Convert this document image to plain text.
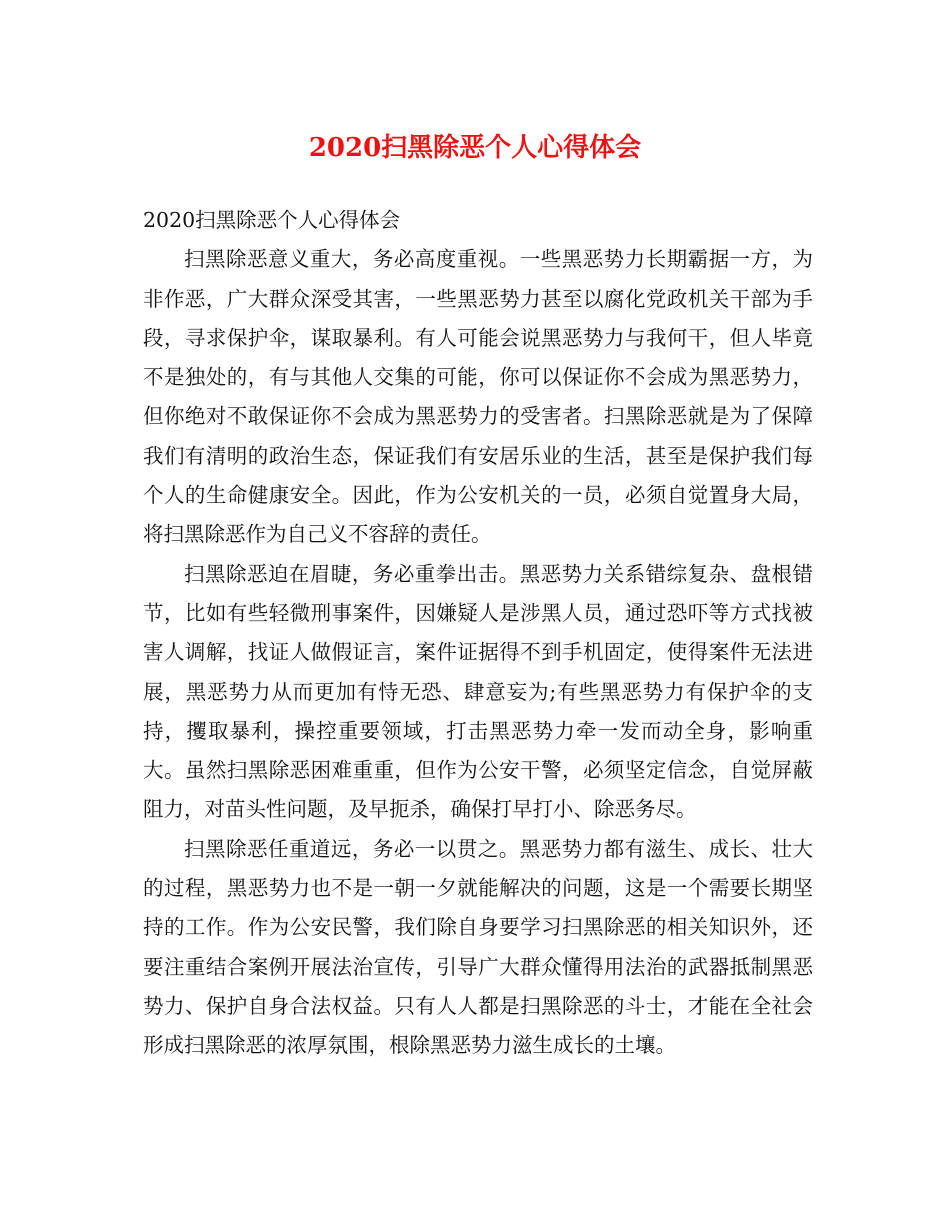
2020扫黑除恶个人心得体会

2020扫黑除恶个人心得体会

扫黑除恶意义重大，务必高度重视。一些黑恶势力长期霸据一方，为非作恶，广大群众深受其害，一些黑恶势力甚至以腐化党政机关干部为手段，寻求保护伞，谋取暴利。有人可能会说黑恶势力与我何干，但人毕竟不是独处的，有与其他人交集的可能，你可以保证你不会成为黑恶势力，但你绝对不敢保证你不会成为黑恶势力的受害者。扫黑除恶就是为了保障我们有清明的政治生态，保证我们有安居乐业的生活，甚至是保护我们每个人的生命健康安全。因此，作为公安机关的一员，必须自觉置身大局，将扫黑除恶作为自己义不容辞的责任。

扫黑除恶迫在眉睫，务必重拳出击。黑恶势力关系错综复杂、盘根错节，比如有些轻微刑事案件，因嫌疑人是涉黑人员，通过恐吓等方式找被害人调解，找证人做假证言，案件证据得不到手机固定，使得案件无法进展，黑恶势力从而更加有恃无恐、肆意妄为;有些黑恶势力有保护伞的支持，攫取暴利，操控重要领域，打击黑恶势力牵一发而动全身，影响重大。虽然扫黑除恶困难重重，但作为公安干警，必须坚定信念，自觉屏蔽阻力，对苗头性问题，及早扼杀，确保打早打小、除恶务尽。

扫黑除恶任重道远，务必一以贯之。黑恶势力都有滋生、成长、壮大的过程，黑恶势力也不是一朝一夕就能解决的问题，这是一个需要长期坚持的工作。作为公安民警，我们除自身要学习扫黑除恶的相关知识外，还要注重结合案例开展法治宣传，引导广大群众懂得用法治的武器抵制黑恶势力、保护自身合法权益。只有人人都是扫黑除恶的斗士，才能在全社会形成扫黑除恶的浓厚氛围，根除黑恶势力滋生成长的土壤。
